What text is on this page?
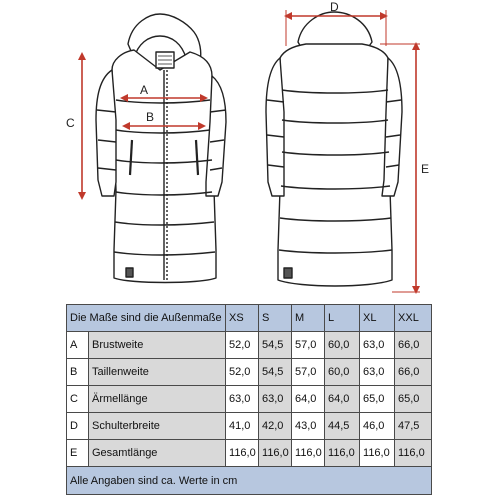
A
B
C
D
E
Die Maße sind die Außenmaße		XS	S	M	L	XL	XXL
A	Brustweite	52,0	54,5	57,0	60,0	63,0	66,0
B	Taillenweite	52,0	54,5	57,0	60,0	63,0	66,0
C	Ärmellänge	63,0	63,0	64,0	64,0	65,0	65,0
D	Schulterbreite	41,0	42,0	43,0	44,5	46,0	47,5
E	Gesamtlänge	116,0	116,0	116,0	116,0	116,0	116,0
Alle Angaben sind ca. Werte in cm							
